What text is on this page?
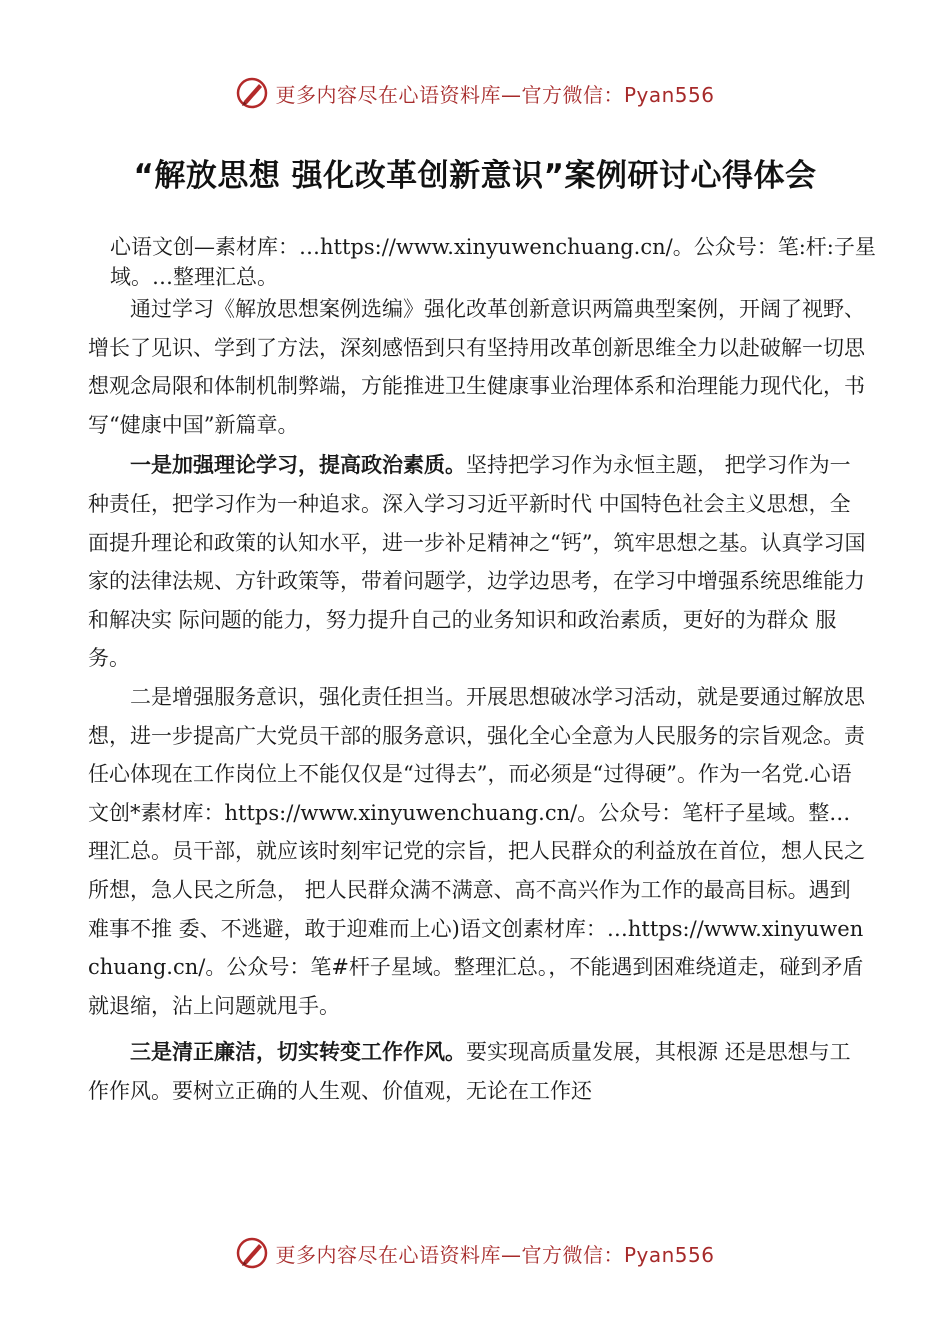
更多内容尽在心语资料库—官方微信：Pyan556
“解放思想 强化改革创新意识”案例研讨心得体会

心语文创—素材库：…https://www.xinyuwenchuang.cn/。公众号：笔:杆:子星域。…整理汇总。

通过学习《解放思想案例选编》强化改革创新意识两篇典型案例，开阔了视野、增长了见识、学到了方法，深刻感悟到只有坚持用改革创新思维全力以赴破解一切思想观念局限和体制机制弊端，方能推进卫生健康事业治理体系和治理能力现代化，书写“健康中国”新篇章。

一是加强理论学习，提高政治素质。坚持把学习作为永恒主题， 把学习作为一种责任，把学习作为一种追求。深入学习习近平新时代 中国特色社会主义思想，全面提升理论和政策的认知水平，进一步补足精神之“钙”，筑牢思想之基。认真学习国家的法律法规、方针政策等，带着问题学，边学边思考，在学习中增强系统思维能力和解决实 际问题的能力，努力提升自己的业务知识和政治素质，更好的为群众 服务。

二是增强服务意识，强化责任担当。开展思想破冰学习活动，就是要通过解放思想，进一步提高广大党员干部的服务意识，强化全心全意为人民服务的宗旨观念。责任心体现在工作岗位上不能仅仅是“过得去”，而必须是“过得硬”。作为一名党.心语文创*素材库：https://www.xinyuwenchuang.cn/。公众号：笔杆子星域。整…理汇总。员干部，就应该时刻牢记党的宗旨，把人民群众的利益放在首位，想人民之所想，急人民之所急， 把人民群众满不满意、高不高兴作为工作的最高目标。遇到难事不推 委、不逃避，敢于迎难而上心)语文创素材库：…https://www.xinyuwenchuang.cn/。公众号：笔#杆子星域。整理汇总。，不能遇到困难绕道走，碰到矛盾就退缩，沾上问题就甩手。

三是清正廉洁，切实转变工作作风。要实现高质量发展，其根源 还是思想与工作作风。要树立正确的人生观、价值观，无论在工作还

更多内容尽在心语资料库—官方微信：Pyan556
